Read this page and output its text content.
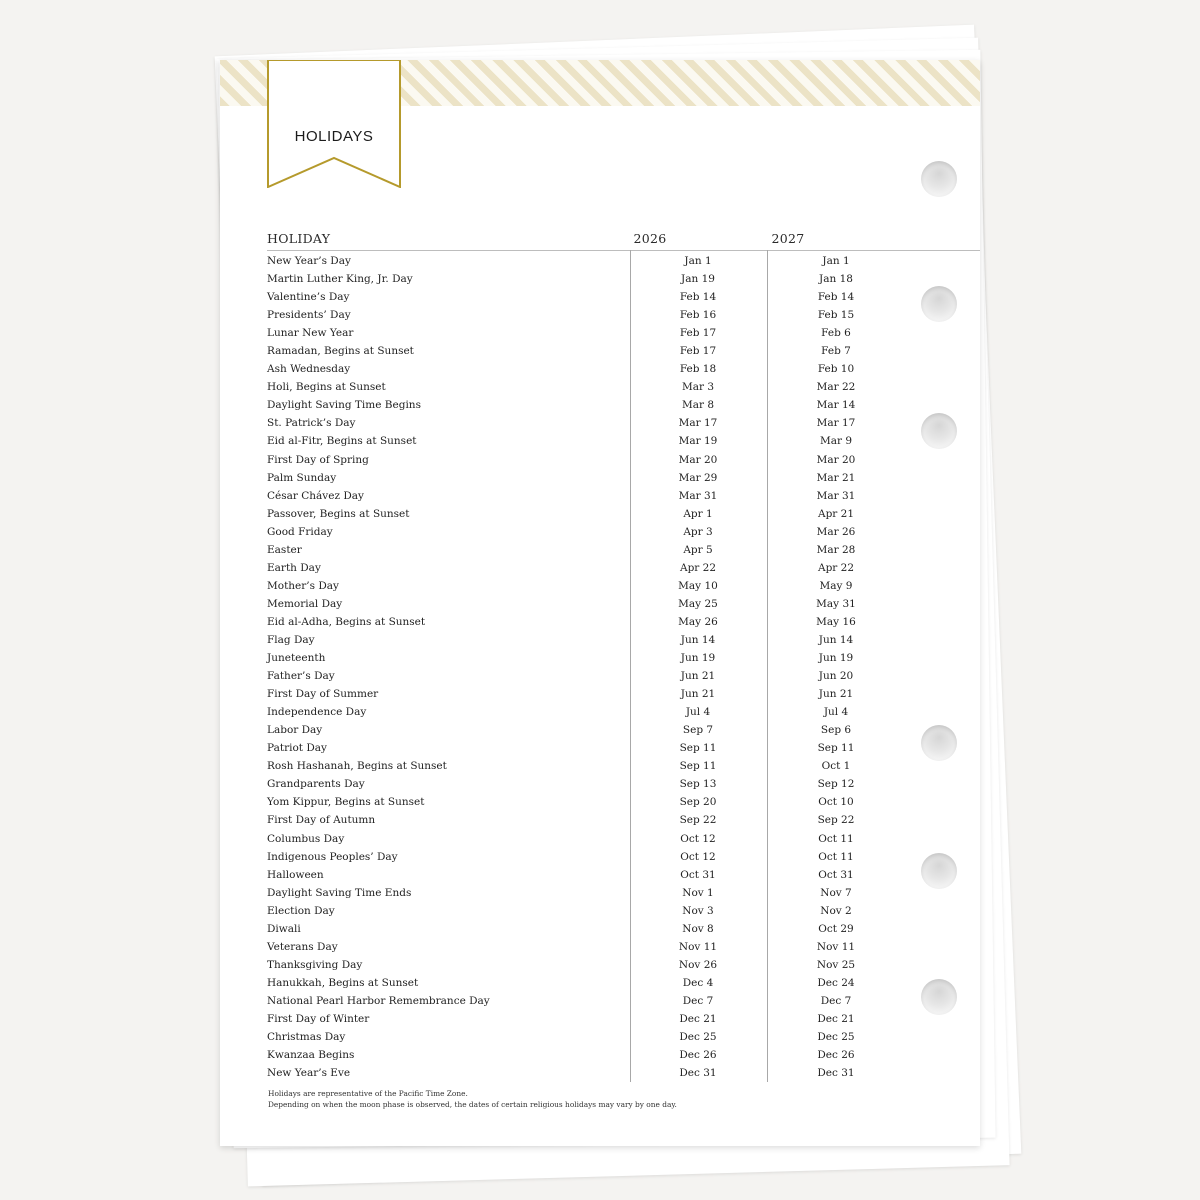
HOLIDAYS
HOLIDAY	2026	2027
New Year’s Day	Jan 1	Jan 1
Martin Luther King, Jr. Day	Jan 19	Jan 18
Valentine’s Day	Feb 14	Feb 14
Presidents’ Day	Feb 16	Feb 15
Lunar New Year	Feb 17	Feb 6
Ramadan, Begins at Sunset	Feb 17	Feb 7
Ash Wednesday	Feb 18	Feb 10
Holi, Begins at Sunset	Mar 3	Mar 22
Daylight Saving Time Begins	Mar 8	Mar 14
St. Patrick’s Day	Mar 17	Mar 17
Eid al-Fitr, Begins at Sunset	Mar 19	Mar 9
First Day of Spring	Mar 20	Mar 20
Palm Sunday	Mar 29	Mar 21
César Chávez Day	Mar 31	Mar 31
Passover, Begins at Sunset	Apr 1	Apr 21
Good Friday	Apr 3	Mar 26
Easter	Apr 5	Mar 28
Earth Day	Apr 22	Apr 22
Mother’s Day	May 10	May 9
Memorial Day	May 25	May 31
Eid al-Adha, Begins at Sunset	May 26	May 16
Flag Day	Jun 14	Jun 14
Juneteenth	Jun 19	Jun 19
Father’s Day	Jun 21	Jun 20
First Day of Summer	Jun 21	Jun 21
Independence Day	Jul 4	Jul 4
Labor Day	Sep 7	Sep 6
Patriot Day	Sep 11	Sep 11
Rosh Hashanah, Begins at Sunset	Sep 11	Oct 1
Grandparents Day	Sep 13	Sep 12
Yom Kippur, Begins at Sunset	Sep 20	Oct 10
First Day of Autumn	Sep 22	Sep 22
Columbus Day	Oct 12	Oct 11
Indigenous Peoples’ Day	Oct 12	Oct 11
Halloween	Oct 31	Oct 31
Daylight Saving Time Ends	Nov 1	Nov 7
Election Day	Nov 3	Nov 2
Diwali	Nov 8	Oct 29
Veterans Day	Nov 11	Nov 11
Thanksgiving Day	Nov 26	Nov 25
Hanukkah, Begins at Sunset	Dec 4	Dec 24
National Pearl Harbor Remembrance Day	Dec 7	Dec 7
First Day of Winter	Dec 21	Dec 21
Christmas Day	Dec 25	Dec 25
Kwanzaa Begins	Dec 26	Dec 26
New Year’s Eve	Dec 31	Dec 31
Holidays are representative of the Pacific Time Zone.
Depending on when the moon phase is observed, the dates of certain religious holidays may vary by one day.
